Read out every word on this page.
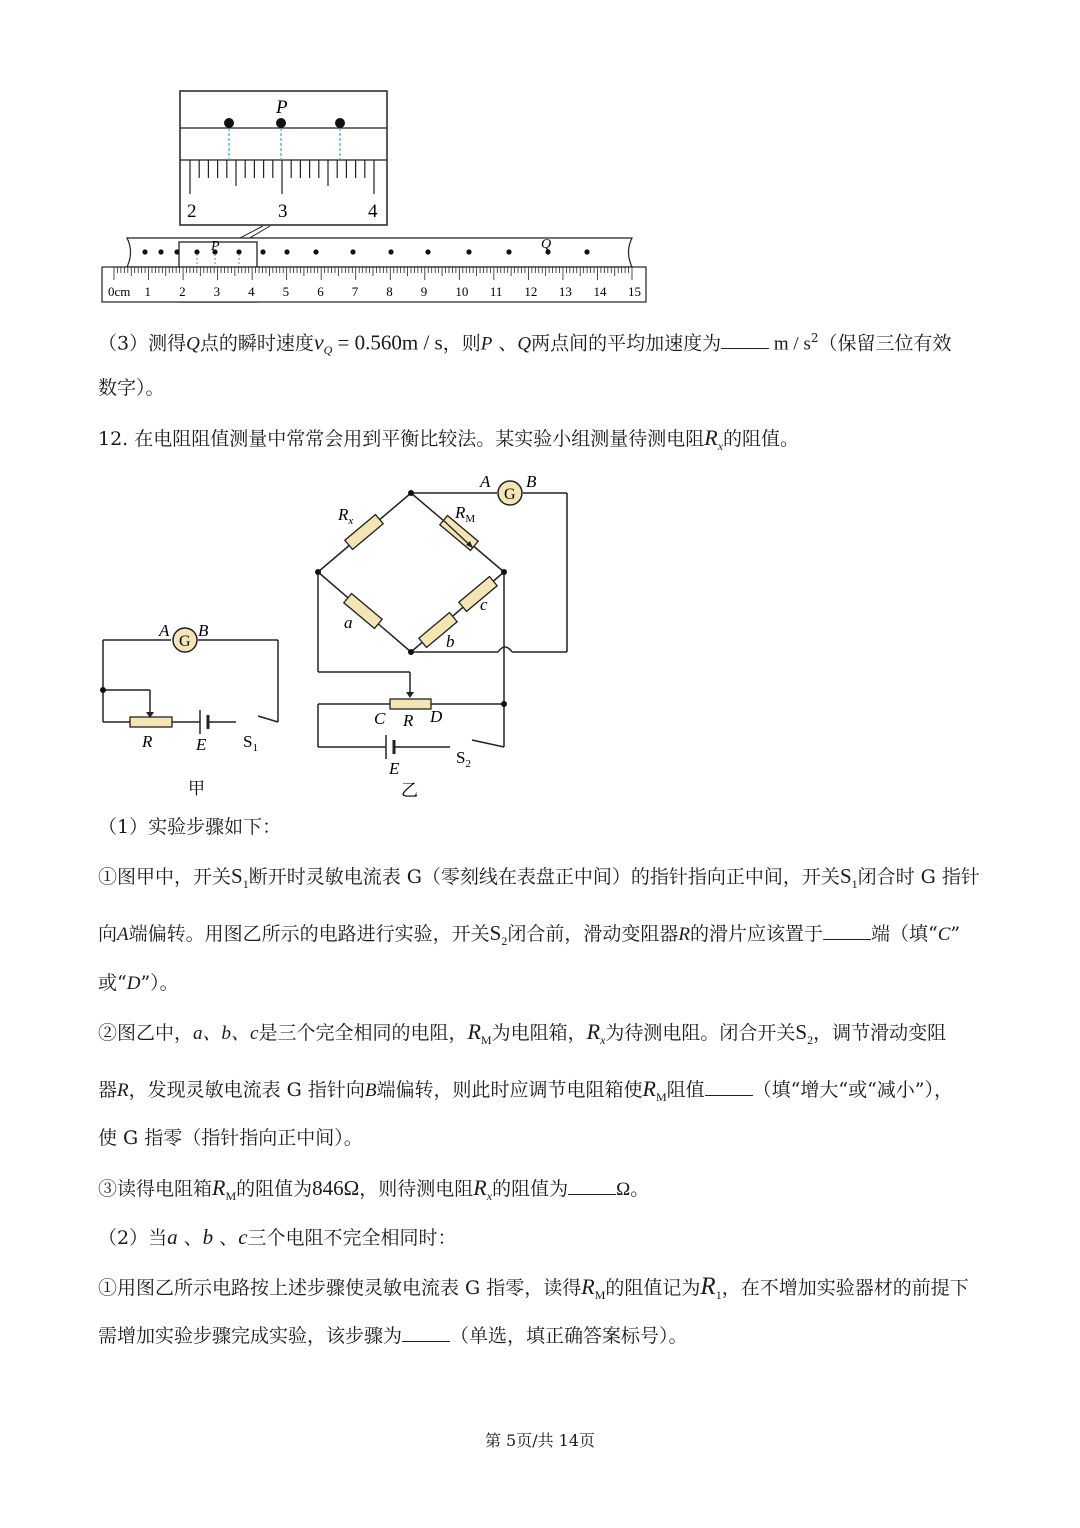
P
2	3	4
P	Q
0cm 1 2 3 4 5 6 7 8 9 10 11 12 13 14 15
（3）测得Q点的瞬时速度$v_Q = 0.560m / s$，则P 、Q两点间的平均加速度为	m / $s^2$（保留三位有效
数字）。
12. 在电阻阻值测量中常常会用到平衡比较法。某实验小组测量待测电阻$R_x$的阻值。
G
A B
R	E $S_1$
甲
G
A B
$R_x$	$R_M$
a
c
b
C R D
E
$S_2$
乙
（1）实验步骤如下：
①图甲中，开关$S_1$断开时灵敏电流表 G（零刻线在表盘正中间）的指针指向正中间，开关$S_1$闭合时 G 指针
向A端偏转。用图乙所示的电路进行实验，开关$S_2$闭合前，滑动变阻器R的滑片应该置于	端（填“C”
或“D”）。
②图乙中，a、b、c是三个完全相同的电阻，$R_M$为电阻箱，$R_x$为待测电阻。闭合开关$S_2$，调节滑动变阻
器R，发现灵敏电流表 G 指针向B端偏转，则此时应调节电阻箱使$R_M$阻值	（填“增大“或“减小”），
使 G 指零（指针指向正中间）。
③读得电阻箱$R_M$的阻值为846Ω，则待测电阻$R_x$的阻值为	Ω。
（2）当a 、b 、c三个电阻不完全相同时：
①用图乙所示电路按上述步骤使灵敏电流表 G 指零，读得$R_M$的阻值记为$R_1$，在不增加实验器材的前提下
需增加实验步骤完成实验，该步骤为	（单选，填正确答案标号）。
第 5页/共 14页
